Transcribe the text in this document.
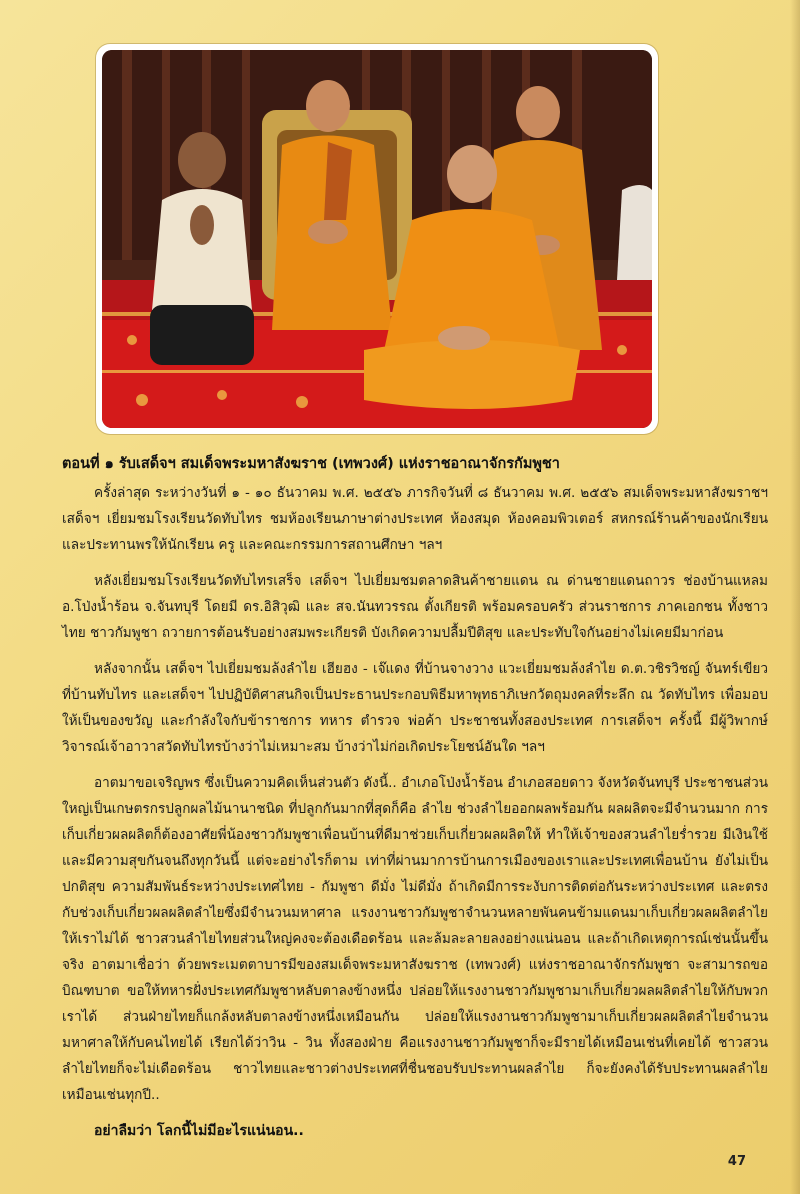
ตอนที่ ๑ รับเสด็จฯ สมเด็จพระมหาสังฆราช (เทพวงศ์) แห่งราชอาณาจักรกัมพูชา

ครั้งล่าสุด ระหว่างวันที่ ๑ - ๑๐ ธันวาคม พ.ศ. ๒๕๕๖ ภารกิจวันที่ ๘ ธันวาคม พ.ศ. ๒๕๕๖ สมเด็จพระมหาสังฆราชฯ เสด็จฯ เยี่ยมชมโรงเรียนวัดทับไทร ชมห้องเรียนภาษาต่างประเทศ ห้องสมุด ห้องคอมพิวเตอร์ สหกรณ์ร้านค้าของนักเรียน และประทานพรให้นักเรียน ครู และคณะกรรมการสถานศึกษา ฯลฯ

หลังเยี่ยมชมโรงเรียนวัดทับไทรเสร็จ เสด็จฯ ไปเยี่ยมชมตลาดสินค้าชายแดน ณ ด่านชายแดนถาวร ช่องบ้านแหลม อ.โป่งน้ำร้อน จ.จันทบุรี โดยมี ดร.อิสิวุฒิ และ สจ.นันทวรรณ ตั้งเกียรติ พร้อมครอบครัว ส่วนราชการ ภาคเอกชน ทั้งชาวไทย ชาวกัมพูชา ถวายการต้อนรับอย่างสมพระเกียรติ บังเกิดความปลื้มปีติสุข และประทับใจกันอย่างไม่เคยมีมาก่อน

หลังจากนั้น เสด็จฯ ไปเยี่ยมชมล้งลำไย เฮียฮง - เจ๊แดง ที่บ้านจางวาง แวะเยี่ยมชมล้งลำไย ด.ต.วชิรวิชญ์ จันทร์เขียว ที่บ้านทับไทร และเสด็จฯ ไปปฏิบัติศาสนกิจเป็นประธานประกอบพิธีมหาพุทธาภิเษกวัตถุมงคลที่ระลึก ณ วัดทับไทร เพื่อมอบให้เป็นของขวัญ และกำลังใจกับข้าราชการ ทหาร ตำรวจ พ่อค้า ประชาชนทั้งสองประเทศ การเสด็จฯ ครั้งนี้ มีผู้วิพากษ์วิจารณ์เจ้าอาวาสวัดทับไทรบ้างว่าไม่เหมาะสม บ้างว่าไม่ก่อเกิดประโยชน์อันใด ฯลฯ

อาตมาขอเจริญพร ซึ่งเป็นความคิดเห็นส่วนตัว ดังนี้.. อำเภอโป่งน้ำร้อน อำเภอสอยดาว จังหวัดจันทบุรี ประชาชนส่วนใหญ่เป็นเกษตรกรปลูกผลไม้นานาชนิด ที่ปลูกกันมากที่สุดก็คือ ลำไย ช่วงลำไยออกผลพร้อมกัน ผลผลิตจะมีจำนวนมาก การเก็บเกี่ยวผลผลิตก็ต้องอาศัยพี่น้องชาวกัมพูชาเพื่อนบ้านที่ดีมาช่วยเก็บเกี่ยวผลผลิตให้ ทำให้เจ้าของสวนลำไยร่ำรวย มีเงินใช้ และมีความสุขกันจนถึงทุกวันนี้ แต่จะอย่างไรก็ตาม เท่าที่ผ่านมาการบ้านการเมืองของเราและประเทศเพื่อนบ้าน ยังไม่เป็นปกติสุข ความสัมพันธ์ระหว่างประเทศไทย - กัมพูชา ดีมั่ง ไม่ดีมั่ง ถ้าเกิดมีการระงับการติดต่อกันระหว่างประเทศ และตรงกับช่วงเก็บเกี่ยวผลผลิตลำไยซึ่งมีจำนวนมหาศาล แรงงานชาวกัมพูชาจำนวนหลายพันคนข้ามแดนมาเก็บเกี่ยวผลผลิตลำไยให้เราไม่ได้ ชาวสวนลำไยไทยส่วนใหญ่คงจะต้องเดือดร้อน และล้มละลายลงอย่างแน่นอน และถ้าเกิดเหตุการณ์เช่นนั้นขึ้นจริง อาตมาเชื่อว่า ด้วยพระเมตตาบารมีของสมเด็จพระมหาสังฆราช (เทพวงศ์) แห่งราชอาณาจักรกัมพูชา จะสามารถขอบิณฑบาต ขอให้ทหารฝั่งประเทศกัมพูชาหลับตาลงข้างหนึ่ง ปล่อยให้แรงงานชาวกัมพูชามาเก็บเกี่ยวผลผลิตลำไยให้กับพวกเราได้ ส่วนฝ่ายไทยก็แกล้งหลับตาลงข้างหนึ่งเหมือนกัน ปล่อยให้แรงงานชาวกัมพูชามาเก็บเกี่ยวผลผลิตลำไยจำนวนมหาศาลให้กับคนไทยได้ เรียกได้ว่าวิน - วิน ทั้งสองฝ่าย คือแรงงานชาวกัมพูชาก็จะมีรายได้เหมือนเช่นที่เคยได้ ชาวสวนลำไยไทยก็จะไม่เดือดร้อน ชาวไทยและชาวต่างประเทศที่ชื่นชอบรับประทานผลลำไย ก็จะยังคงได้รับประทานผลลำไยเหมือนเช่นทุกปี..

อย่าลืมว่า โลกนี้ไม่มีอะไรแน่นอน..

47
